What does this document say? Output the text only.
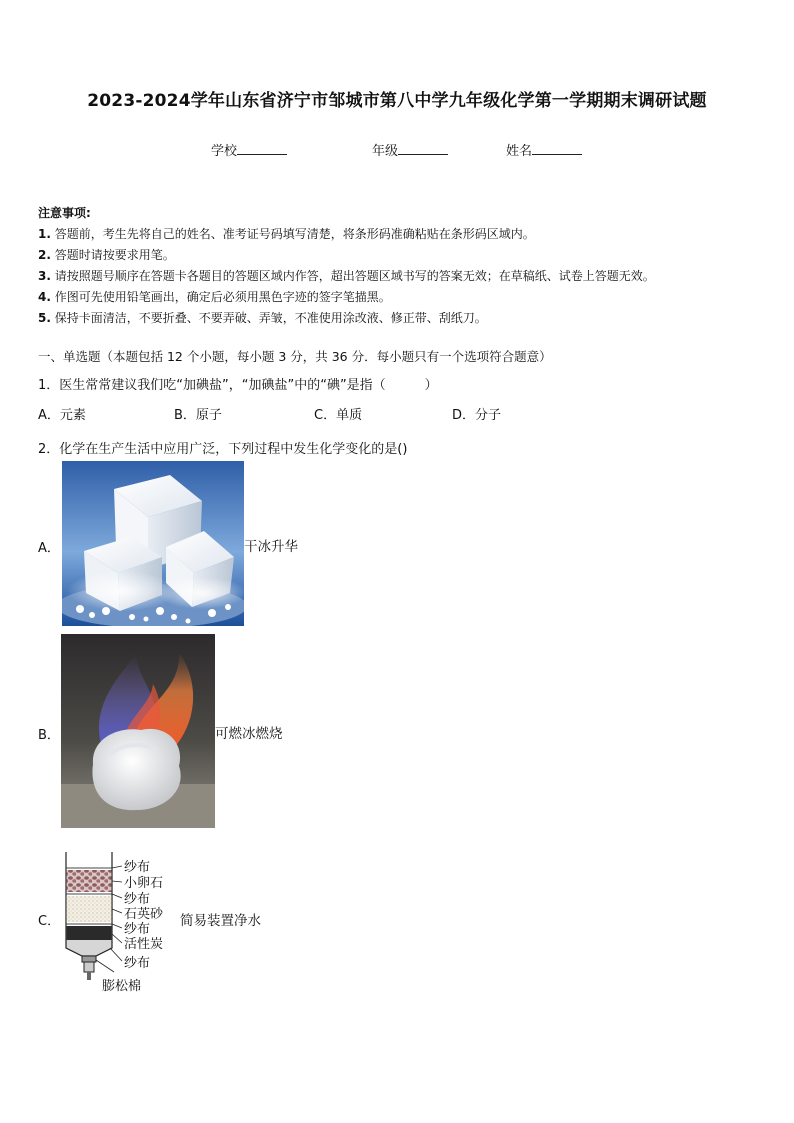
2023-2024学年山东省济宁市邹城市第八中学九年级化学第一学期期末调研试题
学校	年级	姓名
注意事项:
1. 答题前，考生先将自己的姓名、准考证号码填写清楚，将条形码准确粘贴在条形码区域内。
2. 答题时请按要求用笔。
3. 请按照题号顺序在答题卡各题目的答题区域内作答，超出答题区域书写的答案无效；在草稿纸、试卷上答题无效。
4. 作图可先使用铅笔画出，确定后必须用黑色字迹的签字笔描黑。
5. 保持卡面清洁，不要折叠、不要弄破、弄皱，不准使用涂改液、修正带、刮纸刀。
一、单选题（本题包括 12 个小题，每小题 3 分，共 36 分．每小题只有一个选项符合题意）
1．医生常常建议我们吃“加碘盐”，“加碘盐”中的“碘”是指（　　　）
A．元素	B．原子	C．单质	D．分子
2．化学在生产生活中应用广泛，下列过程中发生化学变化的是()
A．	干冰升华
B．	可燃冰燃烧
C．
纱布
小卵石
纱布
石英砂
纱布
活性炭
纱布
膨松棉
简易装置净水
